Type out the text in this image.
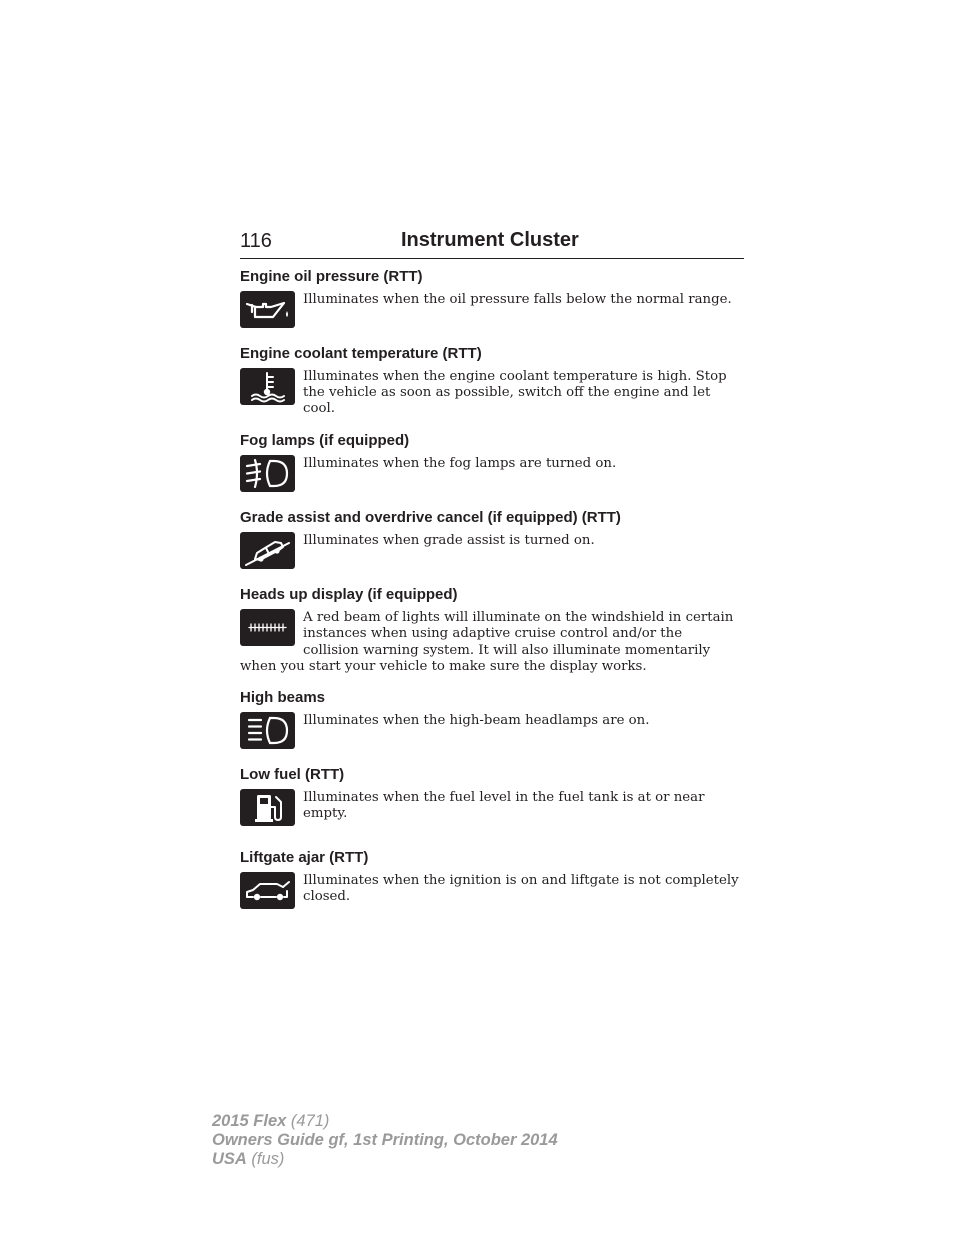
116	Instrument Cluster
Engine oil pressure (RTT)
Illuminates when the oil pressure falls below the normal range.
Engine coolant temperature (RTT)
Illuminates when the engine coolant temperature is high. Stop the vehicle as soon as possible, switch off the engine and let cool.
Fog lamps (if equipped)
Illuminates when the fog lamps are turned on.
Grade assist and overdrive cancel (if equipped) (RTT)
Illuminates when grade assist is turned on.
Heads up display (if equipped)

A red beam of lights will illuminate on the windshield in certain

instances when using adaptive cruise control and/or the

collision warning system. It will also illuminate momentarily

when you start your vehicle to make sure the display works.

High beams
Illuminates when the high-beam headlamps are on.
Low fuel (RTT)
Illuminates when the fuel level in the fuel tank is at or near empty.
Liftgate ajar (RTT)
Illuminates when the ignition is on and liftgate is not completely closed.
2015 Flex (471)
Owners Guide gf, 1st Printing, October 2014
USA (fus)
